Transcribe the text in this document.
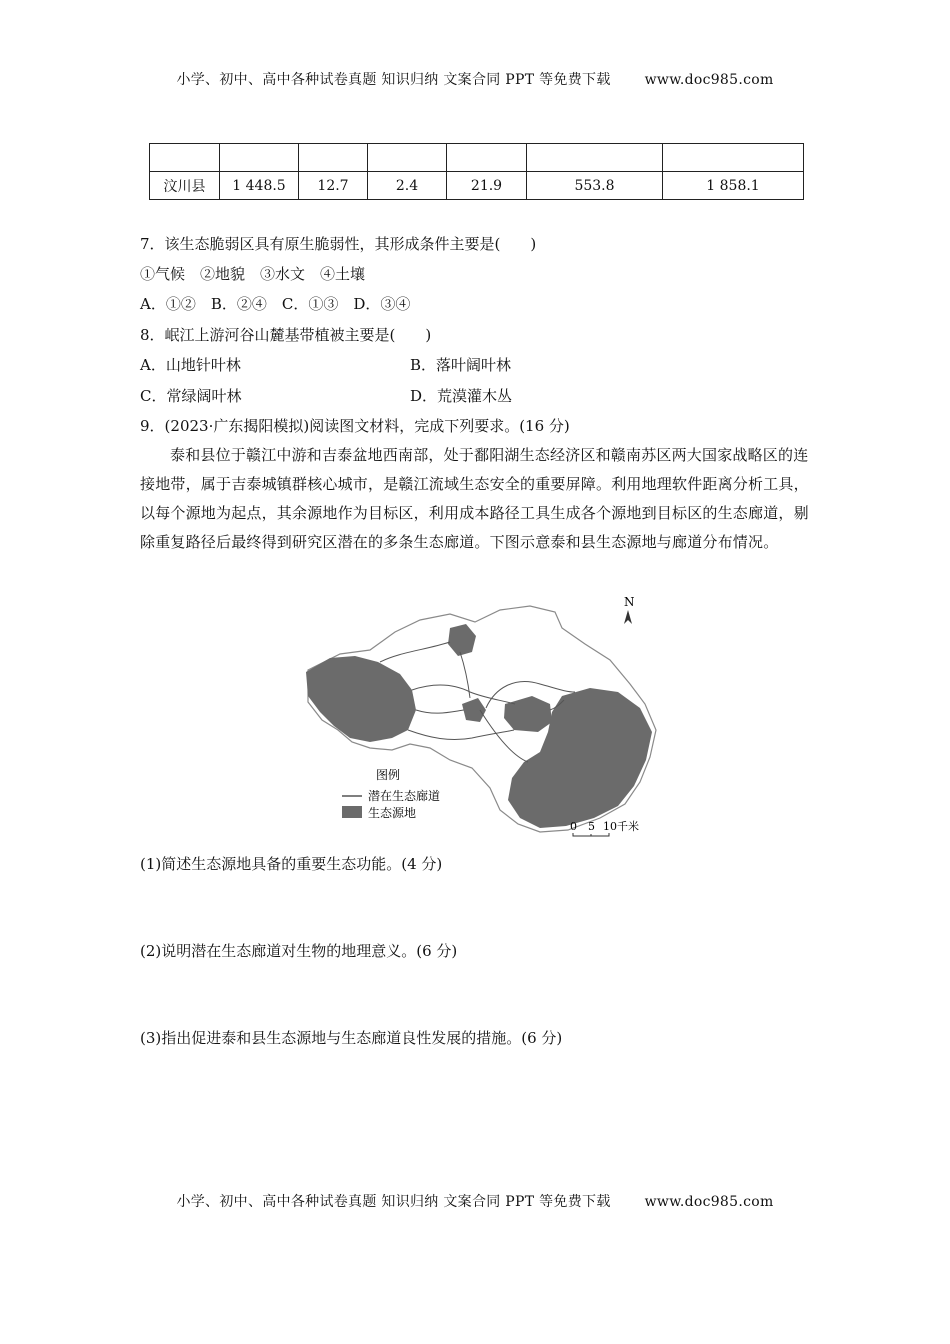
小学、初中、高中各种试卷真题 知识归纳 文案合同 PPT 等免费下载 www.doc985.com

汶川县	1 448.5	12.7	2.4	21.9	553.8	1 858.1
7．该生态脆弱区具有原生脆弱性，其形成条件主要是(　　)
①气候　②地貌　③水文　④土壤
A．①②　B．②④　C．①③　D．③④
8．岷江上游河谷山麓基带植被主要是(　　)
A．山地针叶林	B．落叶阔叶林
C．常绿阔叶林	D．荒漠灌木丛
9．(2023·广东揭阳模拟)阅读图文材料，完成下列要求。(16 分)
泰和县位于赣江中游和吉泰盆地西南部，处于鄱阳湖生态经济区和赣南苏区两大国家战略区的连接地带，属于吉泰城镇群核心城市，是赣江流域生态安全的重要屏障。利用地理软件距离分析工具，以每个源地为起点，其余源地作为目标区，利用成本路径工具生成各个源地到目标区的生态廊道，剔除重复路径后最终得到研究区潜在的多条生态廊道。下图示意泰和县生态源地与廊道分布情况。
N
图例
潜在生态廊道
生态源地
0 5 10千米
(1)简述生态源地具备的重要生态功能。(4 分)
(2)说明潜在生态廊道对生物的地理意义。(6 分)
(3)指出促进泰和县生态源地与生态廊道良性发展的措施。(6 分)
小学、初中、高中各种试卷真题 知识归纳 文案合同 PPT 等免费下载 www.doc985.com
